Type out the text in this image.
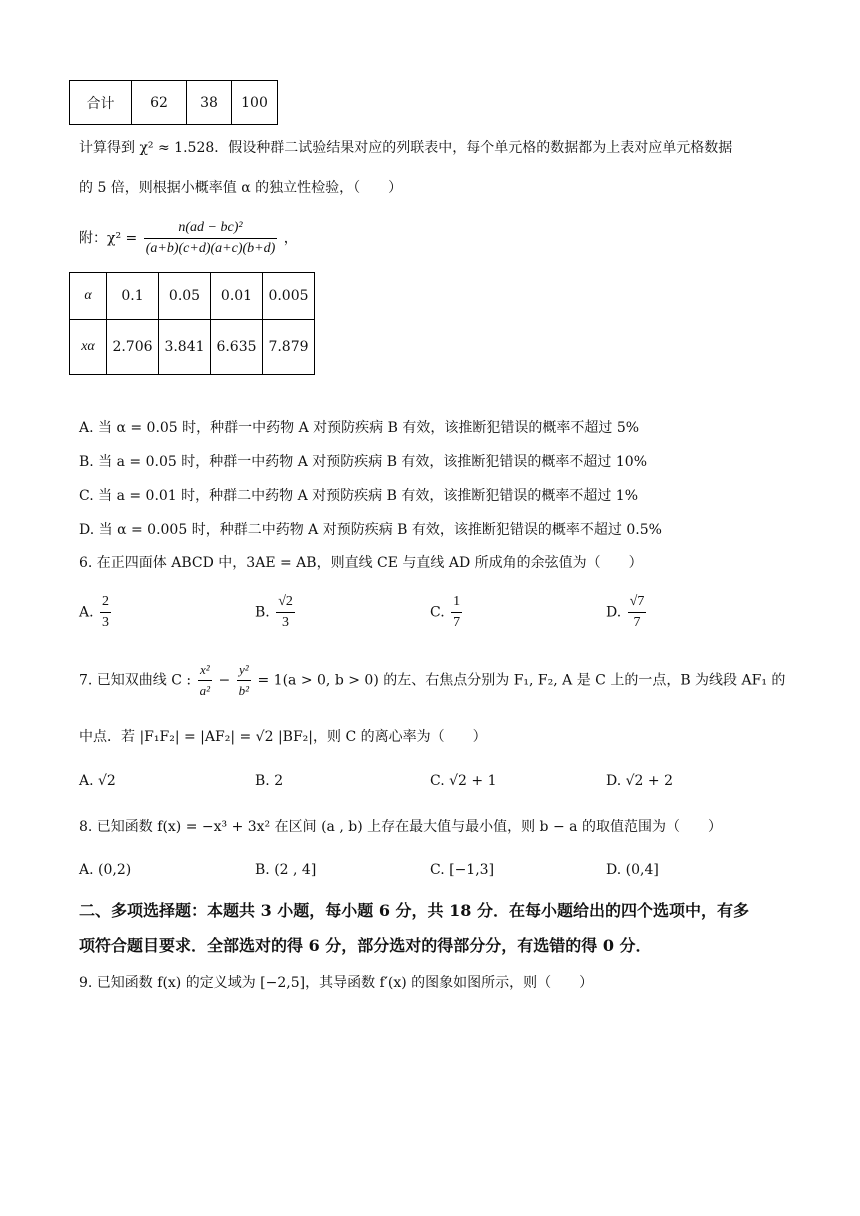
合计	62	38	100
计算得到 χ² ≈ 1.528．假设种群二试验结果对应的列联表中，每个单元格的数据都为上表对应单元格数据
的 5 倍，则根据小概率值 α 的独立性检验，（　　）
附：$\chi^2 = \frac{\text{n(ad − bc)²}}{(a+b)(c+d)(a+c)(b+d)}$ ，
α	0.1	0.05	0.01	0.005
xα	2.706	3.841	6.635	7.879
A. 当 α = 0.05 时，种群一中药物 A 对预防疾病 B 有效，该推断犯错误的概率不超过 5%
B. 当 a = 0.05 时，种群一中药物 A 对预防疾病 B 有效，该推断犯错误的概率不超过 10%
C. 当 a = 0.01 时，种群二中药物 A 对预防疾病 B 有效，该推断犯错误的概率不超过 1%
D. 当 α = 0.005 时，种群二中药物 A 对预防疾病 B 有效，该推断犯错误的概率不超过 0.5%
6. 在正四面体 ABCD 中，3AE = AB，则直线 CE 与直线 AD 所成角的余弦值为（　　）
A. $\frac{2}{3}$	B. $\frac{√2}{3}$	C. $\frac{1}{7}$	D. $\frac{√7}{7}$
7. 已知双曲线 C : $\frac{\text{x²}}{\text{a²}} - \frac{\text{y²}}{\text{b²}} = 1(a > 0$, b > 0) 的左、右焦点分别为 F₁, F₂, A 是 C 上的一点，B 为线段 AF₁ 的
中点．若 |F₁F₂| = |AF₂| = √2 |BF₂|，则 C 的离心率为（　　）
A. √2	B. 2	C. √2 + 1	D. √2 + 2
8. 已知函数 f(x) = −x³ + 3x² 在区间 (a , b) 上存在最大值与最小值，则 b − a 的取值范围为（　　）
A. (0,2)	B. (2 , 4]	C. [−1,3]	D. (0,4]
二、多项选择题：本题共 3 小题，每小题 6 分，共 18 分．在每小题给出的四个选项中，有多
项符合题目要求．全部选对的得 6 分，部分选对的得部分分，有选错的得 0 分．
9. 已知函数 f(x) 的定义域为 [−2,5]，其导函数 f′(x) 的图象如图所示，则（　　）
